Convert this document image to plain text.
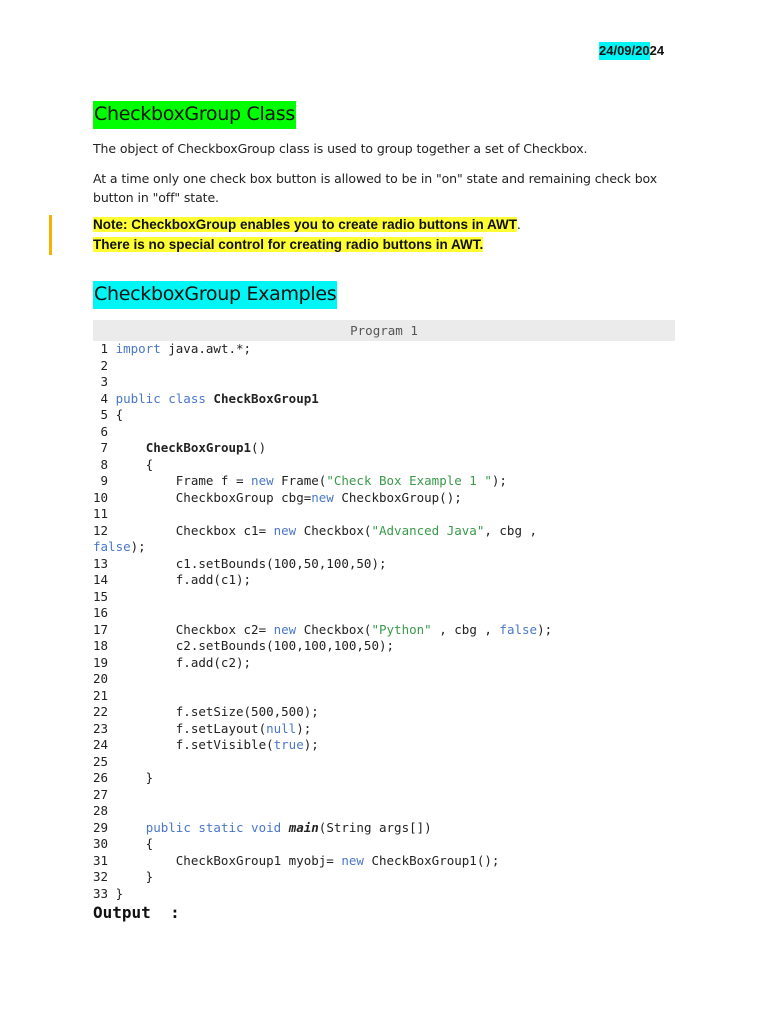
24/09/2024
CheckboxGroup Class

The object of CheckboxGroup class is used to group together a set of Checkbox.

At a time only one check box button is allowed to be in "on" state and remaining check box button in "off" state.

Note: CheckboxGroup enables you to create radio buttons in AWT.
There is no special control for creating radio buttons in AWT.
CheckboxGroup Examples
Program 1
1 import java.awt.*;
2
3
4 public class CheckBoxGroup1
5 {
6
7     CheckBoxGroup1()
8     {
9         Frame f = new Frame("Check Box Example 1 ");
10         CheckboxGroup cbg=new CheckboxGroup();
11
12         Checkbox c1= new Checkbox("Advanced Java", cbg ,
false);
13         c1.setBounds(100,50,100,50);
14         f.add(c1);
15
16
17         Checkbox c2= new Checkbox("Python" , cbg , false);
18         c2.setBounds(100,100,100,50);
19         f.add(c2);
20
21
22         f.setSize(500,500);
23         f.setLayout(null);
24         f.setVisible(true);
25
26     }
27
28
29     public static void main(String args[])
30     {
31         CheckBoxGroup1 myobj= new CheckBoxGroup1();
32     }
33 }
Output  :
